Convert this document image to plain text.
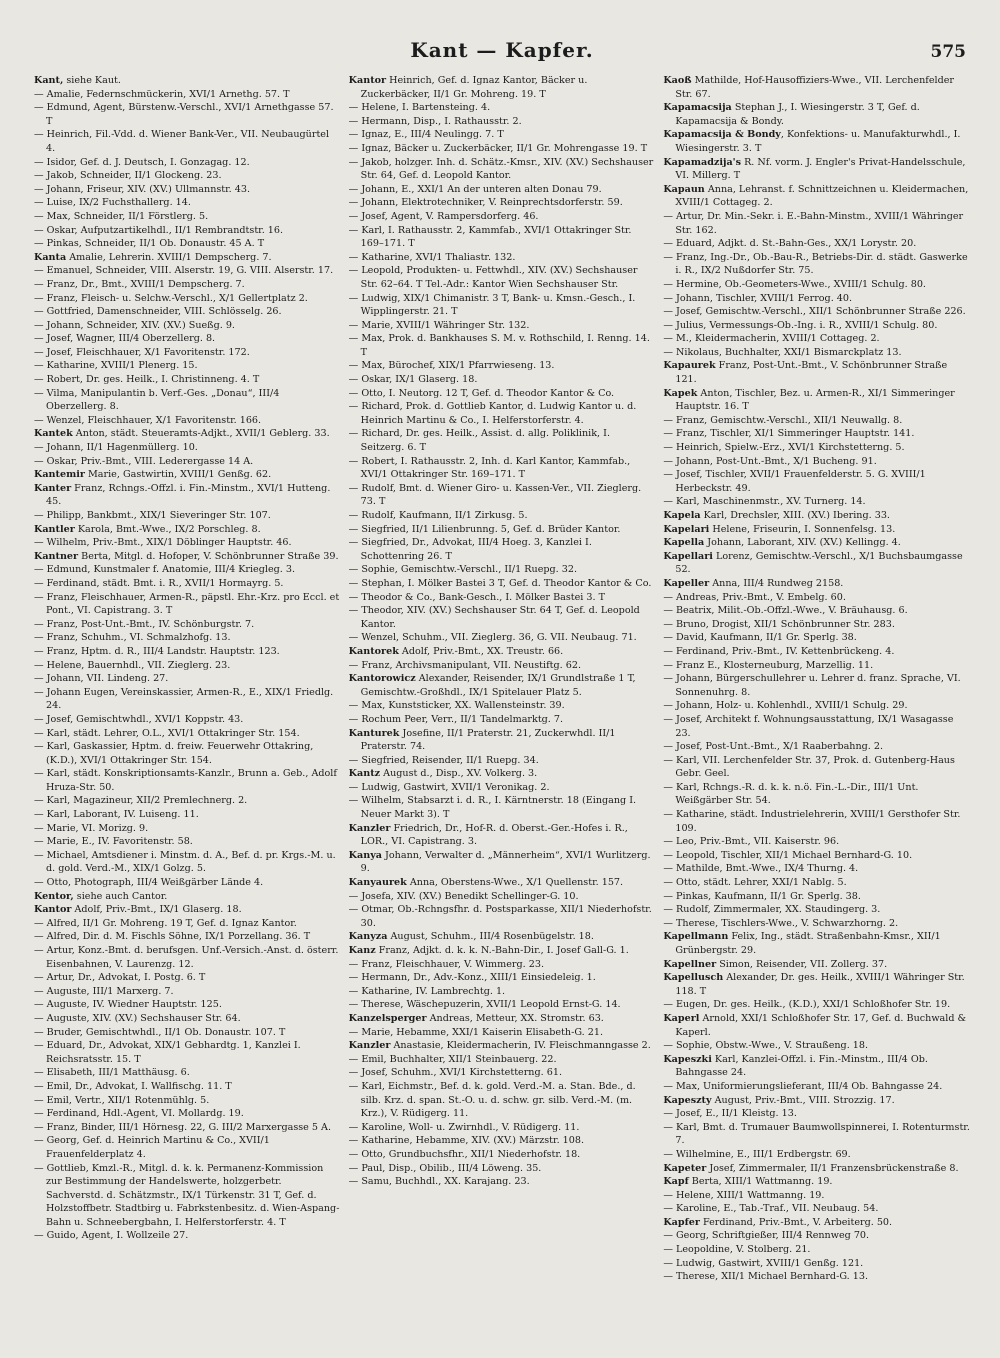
Kant — Kapfer.	575

Kant, siehe Kaut.

— Amalie, Federnschmückerin, XVI/1 Arnethg. 57. T

— Edmund, Agent, Bürstenw.-Verschl., XVI/1 Arnethgasse 57. T

— Heinrich, Fil.-Vdd. d. Wiener Bank-Ver., VII. Neubaugürtel 4.

— Isidor, Gef. d. J. Deutsch, I. Gonzagag. 12.

— Jakob, Schneider, II/1 Glockeng. 23.

— Johann, Friseur, XIV. (XV.) Ullmannstr. 43.

— Luise, IX/2 Fuchsthallerg. 14.

— Max, Schneider, II/1 Förstlerg. 5.

— Oskar, Aufputzartikelhdl., II/1 Rembrandtstr. 16.

— Pinkas, Schneider, II/1 Ob. Donaustr. 45 A. T

Kanta Amalie, Lehrerin. XVIII/1 Dempscherg. 7.

— Emanuel, Schneider, VIII. Alserstr. 19, G. VIII. Alserstr. 17.

— Franz, Dr., Bmt., XVIII/1 Dempscherg. 7.

— Franz, Fleisch- u. Selchw.-Verschl., X/1 Gellertplatz 2.

— Gottfried, Damenschneider, VIII. Schlösselg. 26.

— Johann, Schneider, XIV. (XV.) Sueßg. 9.

— Josef, Wagner, III/4 Oberzellerg. 8.

— Josef, Fleischhauer, X/1 Favoritenstr. 172.

— Katharine, XVIII/1 Plenerg. 15.

— Robert, Dr. ges. Heilk., I. Christinneng. 4. T

— Vilma, Manipulantin b. Verf.-Ges. „Donau“, III/4 Oberzellerg. 8.

— Wenzel, Fleischhauer, X/1 Favoritenstr. 166.

Kantek Anton, städt. Steueramts-Adjkt., XVII/1 Geblerg. 33.

— Johann, II/1 Hagenmüllerg. 10.

— Oskar, Priv.-Bmt., VIII. Lederergasse 14 A.

Kantemir Marie, Gastwirtin, XVIII/1 Genßg. 62.

Kanter Franz, Rchngs.-Offzl. i. Fin.-Minstm., XVI/1 Hutteng. 45.

— Philipp, Bankbmt., XIX/1 Sieveringer Str. 107.

Kantler Karola, Bmt.-Wwe., IX/2 Porschleg. 8.

— Wilhelm, Priv.-Bmt., XIX/1 Döblinger Hauptstr. 46.

Kantner Berta, Mitgl. d. Hofoper, V. Schönbrunner Straße 39.

— Edmund, Kunstmaler f. Anatomie, III/4 Kriegleg. 3.

— Ferdinand, städt. Bmt. i. R., XVII/1 Hormayrg. 5.

— Franz, Fleischhauer, Armen-R., päpstl. Ehr.-Krz. pro Eccl. et Pont., VI. Capistrang. 3. T

— Franz, Post-Unt.-Bmt., IV. Schönburgstr. 7.

— Franz, Schuhm., VI. Schmalzhofg. 13.

— Franz, Hptm. d. R., III/4 Landstr. Hauptstr. 123.

— Helene, Bauernhdl., VII. Zieglerg. 23.

— Johann, VII. Lindeng. 27.

— Johann Eugen, Vereinskassier, Armen-R., E., XIX/1 Friedlg. 24.

— Josef, Gemischtwhdl., XVI/1 Koppstr. 43.

— Karl, städt. Lehrer, O.L., XVI/1 Ottakringer Str. 154.

— Karl, Gaskassier, Hptm. d. freiw. Feuerwehr Ottakring, (K.D.), XVI/1 Ottakringer Str. 154.

— Karl, städt. Konskriptionsamts-Kanzlr., Brunn a. Geb., Adolf Hruza-Str. 50.

— Karl, Magazineur, XII/2 Premlechnerg. 2.

— Karl, Laborant, IV. Luiseng. 11.

— Marie, VI. Morizg. 9.

— Marie, E., IV. Favoritenstr. 58.

— Michael, Amtsdiener i. Minstm. d. A., Bef. d. pr. Krgs.-M. u. d. gold. Verd.-M., XIX/1 Golzg. 5.

— Otto, Photograph, III/4 Weißgärber Lände 4.

Kentor, siehe auch Cantor.

Kantor Adolf, Priv.-Bmt., IX/1 Glaserg. 18.

— Alfred, II/1 Gr. Mohreng. 19 T, Gef. d. Ignaz Kantor.

— Alfred, Dir. d. M. Fischls Söhne, IX/1 Porzellang. 36. T

— Artur, Konz.-Bmt. d. berufsgen. Unf.-Versich.-Anst. d. österr. Eisenbahnen, V. Laurenzg. 12.

— Artur, Dr., Advokat, I. Postg. 6. T

— Auguste, III/1 Marxerg. 7.

— Auguste, IV. Wiedner Hauptstr. 125.

— Auguste, XIV. (XV.) Sechshauser Str. 64.

— Bruder, Gemischtwhdl., II/1 Ob. Donaustr. 107. T

— Eduard, Dr., Advokat, XIX/1 Gebhardtg. 1, Kanzlei I. Reichsratsstr. 15. T

— Elisabeth, III/1 Matthäusg. 6.

— Emil, Dr., Advokat, I. Wallfischg. 11. T

— Emil, Vertr., XII/1 Rotenmühlg. 5.

— Ferdinand, Hdl.-Agent, VI. Mollardg. 19.

— Franz, Binder, III/1 Hörnesg. 22, G. III/2 Marxergasse 5 A.

— Georg, Gef. d. Heinrich Martinu & Co., XVII/1 Frauenfelderplatz 4.

— Gottlieb, Kmzl.-R., Mitgl. d. k. k. Permanenz-Kommission zur Bestimmung der Handelswerte, holzgerbetr. Sachverstd. d. Schätzmstr., IX/1 Türkenstr. 31 T, Gef. d. Holzstoffbetr. Stadtbirg u. Fabrkstenbesitz. d. Wien-Aspang-Bahn u. Schneebergbahn, I. Helferstorferstr. 4. T

— Guido, Agent, I. Wollzeile 27.

Kantor Heinrich, Gef. d. Ignaz Kantor, Bäcker u. Zuckerbäcker, II/1 Gr. Mohreng. 19. T

— Helene, I. Bartensteing. 4.

— Hermann, Disp., I. Rathausstr. 2.

— Ignaz, E., III/4 Neulingg. 7. T

— Ignaz, Bäcker u. Zuckerbäcker, II/1 Gr. Mohrengasse 19. T

— Jakob, holzger. Inh. d. Schätz.-Kmsr., XIV. (XV.) Sechshauser Str. 64, Gef. d. Leopold Kantor.

— Johann, E., XXI/1 An der unteren alten Donau 79.

— Johann, Elektrotechniker, V. Reinprechtsdorferstr. 59.

— Josef, Agent, V. Rampersdorferg. 46.

— Karl, I. Rathausstr. 2, Kammfab., XVI/1 Ottakringer Str. 169–171. T

— Katharine, XVI/1 Thaliastr. 132.

— Leopold, Produkten- u. Fettwhdl., XIV. (XV.) Sechshauser Str. 62–64. T Tel.-Adr.: Kantor Wien Sechshauser Str.

— Ludwig, XIX/1 Chimanistr. 3 T, Bank- u. Kmsn.-Gesch., I. Wipplingerstr. 21. T

— Marie, XVIII/1 Währinger Str. 132.

— Max, Prok. d. Bankhauses S. M. v. Rothschild, I. Renng. 14. T

— Max, Bürochef, XIX/1 Pfarrwieseng. 13.

— Oskar, IX/1 Glaserg. 18.

— Otto, I. Neutorg. 12 T, Gef. d. Theodor Kantor & Co.

— Richard, Prok. d. Gottlieb Kantor, d. Ludwig Kantor u. d. Heinrich Martinu & Co., I. Helferstorferstr. 4.

— Richard, Dr. ges. Heilk., Assist. d. allg. Poliklinik, I. Seitzerg. 6. T

— Robert, I. Rathausstr. 2, Inh. d. Karl Kantor, Kammfab., XVI/1 Ottakringer Str. 169–171. T

— Rudolf, Bmt. d. Wiener Giro- u. Kassen-Ver., VII. Zieglerg. 73. T

— Rudolf, Kaufmann, II/1 Zirkusg. 5.

— Siegfried, II/1 Lilienbrunng. 5, Gef. d. Brüder Kantor.

— Siegfried, Dr., Advokat, III/4 Hoeg. 3, Kanzlei I. Schottenring 26. T

— Sophie, Gemischtw.-Verschl., II/1 Ruepg. 32.

— Stephan, I. Mölker Bastei 3 T, Gef. d. Theodor Kantor & Co.

— Theodor & Co., Bank-Gesch., I. Mölker Bastei 3. T

— Theodor, XIV. (XV.) Sechshauser Str. 64 T, Gef. d. Leopold Kantor.

— Wenzel, Schuhm., VII. Zieglerg. 36, G. VII. Neubaug. 71.

Kantorek Adolf, Priv.-Bmt., XX. Treustr. 66.

— Franz, Archivsmanipulant, VII. Neustiftg. 62.

Kantorowicz Alexander, Reisender, IX/1 Grundlstraße 1 T, Gemischtw.-Großhdl., IX/1 Spitelauer Platz 5.

— Max, Kunststicker, XX. Wallensteinstr. 39.

— Rochum Peer, Verr., II/1 Tandelmarktg. 7.

Kanturek Josefine, II/1 Praterstr. 21, Zuckerwhdl. II/1 Praterstr. 74.

— Siegfried, Reisender, II/1 Ruepg. 34.

Kantz August d., Disp., XV. Volkerg. 3.

— Ludwig, Gastwirt, XVII/1 Veronikag. 2.

— Wilhelm, Stabsarzt i. d. R., I. Kärntnerstr. 18 (Eingang I. Neuer Markt 3). T

Kanzler Friedrich, Dr., Hof-R. d. Oberst.-Ger.-Hofes i. R., LOR., VI. Capistrang. 3.

Kanya Johann, Verwalter d. „Männerheim“, XVI/1 Wurlitzerg. 9.

Kanyaurek Anna, Oberstens-Wwe., X/1 Quellenstr. 157.

— Josefa, XIV. (XV.) Benedikt Schellinger-G. 10.

— Otmar, Ob.-Rchngsfhr. d. Postsparkasse, XII/1 Niederhofstr. 30.

Kanyza August, Schuhm., III/4 Rosenbügelstr. 18.

Kanz Franz, Adjkt. d. k. k. N.-Bahn-Dir., I. Josef Gall-G. 1.

— Franz, Fleischhauer, V. Wimmerg. 23.

— Hermann, Dr., Adv.-Konz., XIII/1 Einsiedeleig. 1.

— Katharine, IV. Lambrechtg. 1.

— Therese, Wäschepuzerin, XVII/1 Leopold Ernst-G. 14.

Kanzelsperger Andreas, Metteur, XX. Stromstr. 63.

— Marie, Hebamme, XXI/1 Kaiserin Elisabeth-G. 21.

Kanzler Anastasie, Kleidermacherin, IV. Fleischmanngasse 2.

— Emil, Buchhalter, XII/1 Steinbauerg. 22.

— Josef, Schuhm., XVI/1 Kirchstetterng. 61.

— Karl, Eichmstr., Bef. d. k. gold. Verd.-M. a. Stan. Bde., d. silb. Krz. d. span. St.-O. u. d. schw. gr. silb. Verd.-M. (m. Krz.), V. Rüdigerg. 11.

— Karoline, Woll- u. Zwirnhdl., V. Rüdigerg. 11.

— Katharine, Hebamme, XIV. (XV.) Märzstr. 108.

— Otto, Grundbuchsfhr., XII/1 Niederhofstr. 18.

— Paul, Disp., Obilib., III/4 Löweng. 35.

— Samu, Buchhdl., XX. Karajang. 23.

Kaoß Mathilde, Hof-Hausoffiziers-Wwe., VII. Lerchenfelder Str. 67.

Kapamacsija Stephan J., I. Wiesingerstr. 3 T, Gef. d. Kapamacsija & Bondy.

Kapamacsija & Bondy, Konfektions- u. Manufakturwhdl., I. Wiesingerstr. 3. T

Kapamadzija's R. Nf. vorm. J. Engler's Privat-Handelsschule, VI. Millerg. T

Kapaun Anna, Lehranst. f. Schnittzeichnen u. Kleidermachen, XVIII/1 Cottageg. 2.

— Artur, Dr. Min.-Sekr. i. E.-Bahn-Minstm., XVIII/1 Währinger Str. 162.

— Eduard, Adjkt. d. St.-Bahn-Ges., XX/1 Lorystr. 20.

— Franz, Ing.-Dr., Ob.-Bau-R., Betriebs-Dir. d. städt. Gaswerke i. R., IX/2 Nußdorfer Str. 75.

— Hermine, Ob.-Geometers-Wwe., XVIII/1 Schulg. 80.

— Johann, Tischler, XVIII/1 Ferrog. 40.

— Josef, Gemischtw.-Verschl., XII/1 Schönbrunner Straße 226.

— Julius, Vermessungs-Ob.-Ing. i. R., XVIII/1 Schulg. 80.

— M., Kleidermacherin, XVIII/1 Cottageg. 2.

— Nikolaus, Buchhalter, XXI/1 Bismarckplatz 13.

Kapaurek Franz, Post-Unt.-Bmt., V. Schönbrunner Straße 121.

Kapek Anton, Tischler, Bez. u. Armen-R., XI/1 Simmeringer Hauptstr. 16. T

— Franz, Gemischtw.-Verschl., XII/1 Neuwallg. 8.

— Franz, Tischler, XI/1 Simmeringer Hauptstr. 141.

— Heinrich, Spielw.-Erz., XVI/1 Kirchstetterng. 5.

— Johann, Post-Unt.-Bmt., X/1 Bucheng. 91.

— Josef, Tischler, XVII/1 Frauenfelderstr. 5. G. XVIII/1 Herbeckstr. 49.

— Karl, Maschinenmstr., XV. Turnerg. 14.

Kapela Karl, Drechsler, XIII. (XV.) Ibering. 33.

Kapelari Helene, Friseurin, I. Sonnenfelsg. 13.

Kapella Johann, Laborant, XIV. (XV.) Kellingg. 4.

Kapellari Lorenz, Gemischtw.-Verschl., X/1 Buchsbaumgasse 52.

Kapeller Anna, III/4 Rundweg 2158.

— Andreas, Priv.-Bmt., V. Embelg. 60.

— Beatrix, Milit.-Ob.-Offzl.-Wwe., V. Bräuhausg. 6.

— Bruno, Drogist, XII/1 Schönbrunner Str. 283.

— David, Kaufmann, II/1 Gr. Sperlg. 38.

— Ferdinand, Priv.-Bmt., IV. Kettenbrückeng. 4.

— Franz E., Klosterneuburg, Marzellig. 11.

— Johann, Bürgerschullehrer u. Lehrer d. franz. Sprache, VI. Sonnenuhrg. 8.

— Johann, Holz- u. Kohlenhdl., XVIII/1 Schulg. 29.

— Josef, Architekt f. Wohnungsausstattung, IX/1 Wasagasse 23.

— Josef, Post-Unt.-Bmt., X/1 Raaberbahng. 2.

— Karl, VII. Lerchenfelder Str. 37, Prok. d. Gutenberg-Haus Gebr. Geel.

— Karl, Rchngs.-R. d. k. k. n.ö. Fin.-L.-Dir., III/1 Unt. Weißgärber Str. 54.

— Katharine, städt. Industrielehrerin, XVIII/1 Gersthofer Str. 109.

— Leo, Priv.-Bmt., VII. Kaiserstr. 96.

— Leopold, Tischler, XII/1 Michael Bernhard-G. 10.

— Mathilde, Bmt.-Wwe., IX/4 Thurng. 4.

— Otto, städt. Lehrer, XXI/1 Nablg. 5.

— Pinkas, Kaufmann, II/1 Gr. Sperlg. 38.

— Rudolf, Zimmermaler, XX. Staudingerg. 3.

— Therese, Tischlers-Wwe., V. Schwarzhorng. 2.

Kapellmann Felix, Ing., städt. Straßenbahn-Kmsr., XII/1 Grünbergstr. 29.

Kapellner Simon, Reisender, VII. Zollerg. 37.

Kapellusch Alexander, Dr. ges. Heilk., XVIII/1 Währinger Str. 118. T

— Eugen, Dr. ges. Heilk., (K.D.), XXI/1 Schloßhofer Str. 19.

Kaperl Arnold, XXI/1 Schloßhofer Str. 17, Gef. d. Buchwald & Kaperl.

— Sophie, Obstw.-Wwe., V. Straußeng. 18.

Kapeszki Karl, Kanzlei-Offzl. i. Fin.-Minstm., III/4 Ob. Bahngasse 24.

— Max, Uniformierungslieferant, III/4 Ob. Bahngasse 24.

Kapeszty August, Priv.-Bmt., VIII. Strozzig. 17.

— Josef, E., II/1 Kleistg. 13.

— Karl, Bmt. d. Trumauer Baumwollspinnerei, I. Rotenturmstr. 7.

— Wilhelmine, E., III/1 Erdbergstr. 69.

Kapeter Josef, Zimmermaler, II/1 Franzensbrückenstraße 8.

Kapf Berta, XIII/1 Wattmanng. 19.

— Helene, XIII/1 Wattmanng. 19.

— Karoline, E., Tab.-Traf., VII. Neubaug. 54.

Kapfer Ferdinand, Priv.-Bmt., V. Arbeiterg. 50.

— Georg, Schriftgießer, III/4 Rennweg 70.

— Leopoldine, V. Stolberg. 21.

— Ludwig, Gastwirt, XVIII/1 Genßg. 121.

— Therese, XII/1 Michael Bernhard-G. 13.
